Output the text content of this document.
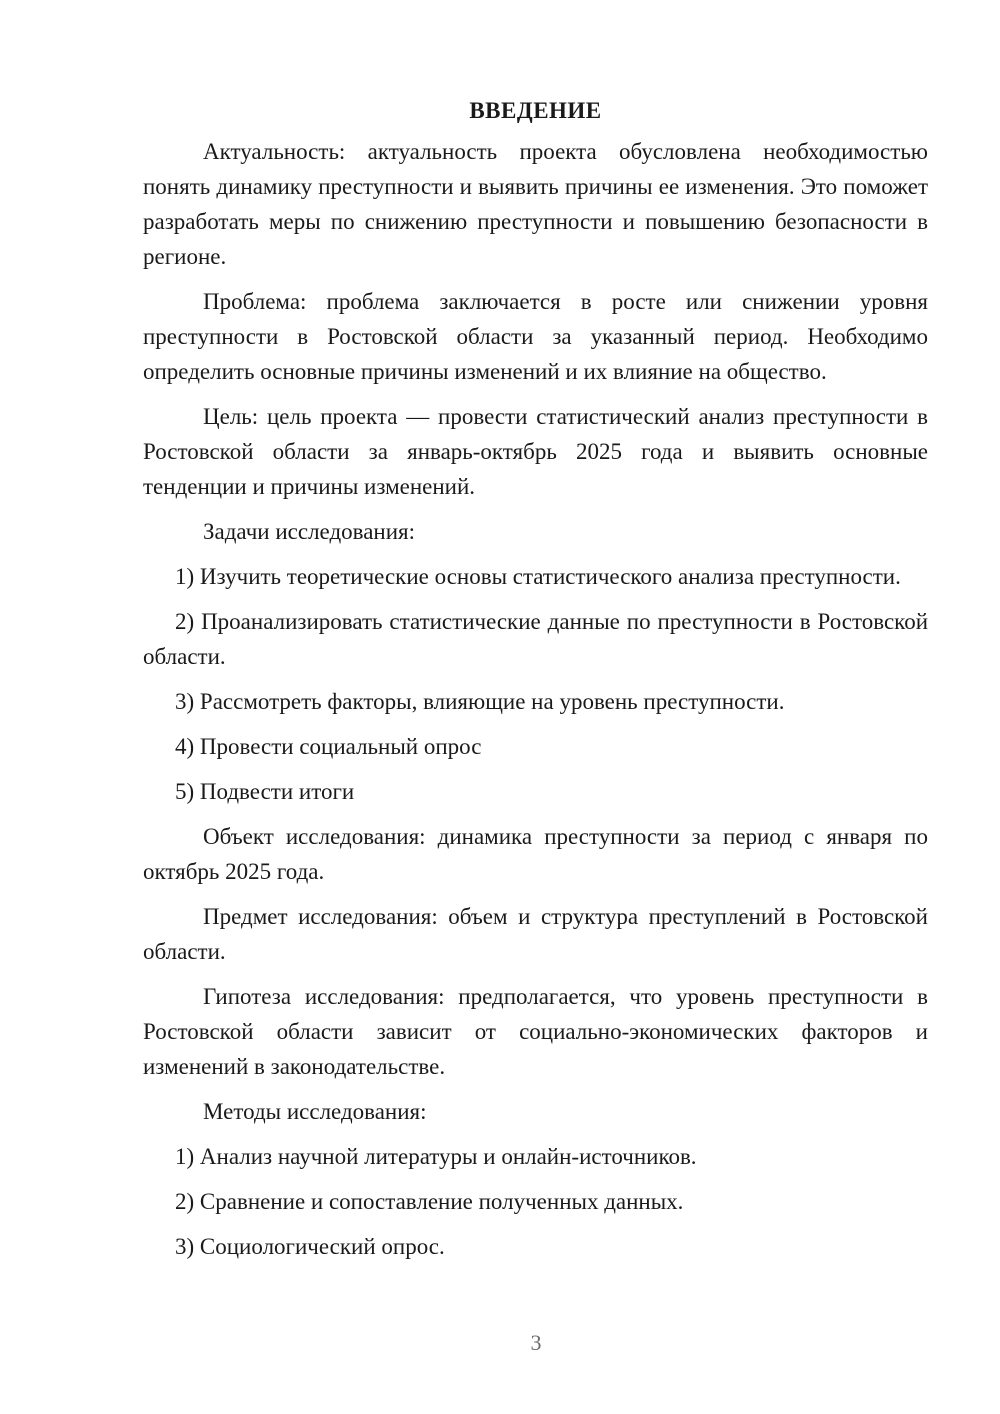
ВВЕДЕНИЕ

Актуальность: актуальность проекта обусловлена необходимостью понять динамику преступности и выявить причины ее изменения. Это поможет разработать меры по снижению преступности и повышению безопасности в регионе.

Проблема: проблема заключается в росте или снижении уровня преступности в Ростовской области за указанный период. Необходимо определить основные причины изменений и их влияние на общество.

Цель: цель проекта — провести статистический анализ преступности в Ростовской области за январь-октябрь 2025 года и выявить основные тенденции и причины изменений.

Задачи исследования:

1) Изучить теоретические основы статистического анализа преступности.

2) Проанализировать статистические данные по преступности в Ростовской области.

3) Рассмотреть факторы, влияющие на уровень преступности.

4) Провести социальный опрос

5) Подвести итоги

Объект исследования: динамика преступности за период с января по октябрь 2025 года.

Предмет исследования: объем и структура преступлений в Ростовской области.

Гипотеза исследования: предполагается, что уровень преступности в Ростовской области зависит от социально-экономических факторов и изменений в законодательстве.

Методы исследования:

1) Анализ научной литературы и онлайн-источников.

2) Сравнение и сопоставление полученных данных.

3) Социологический опрос.

3
